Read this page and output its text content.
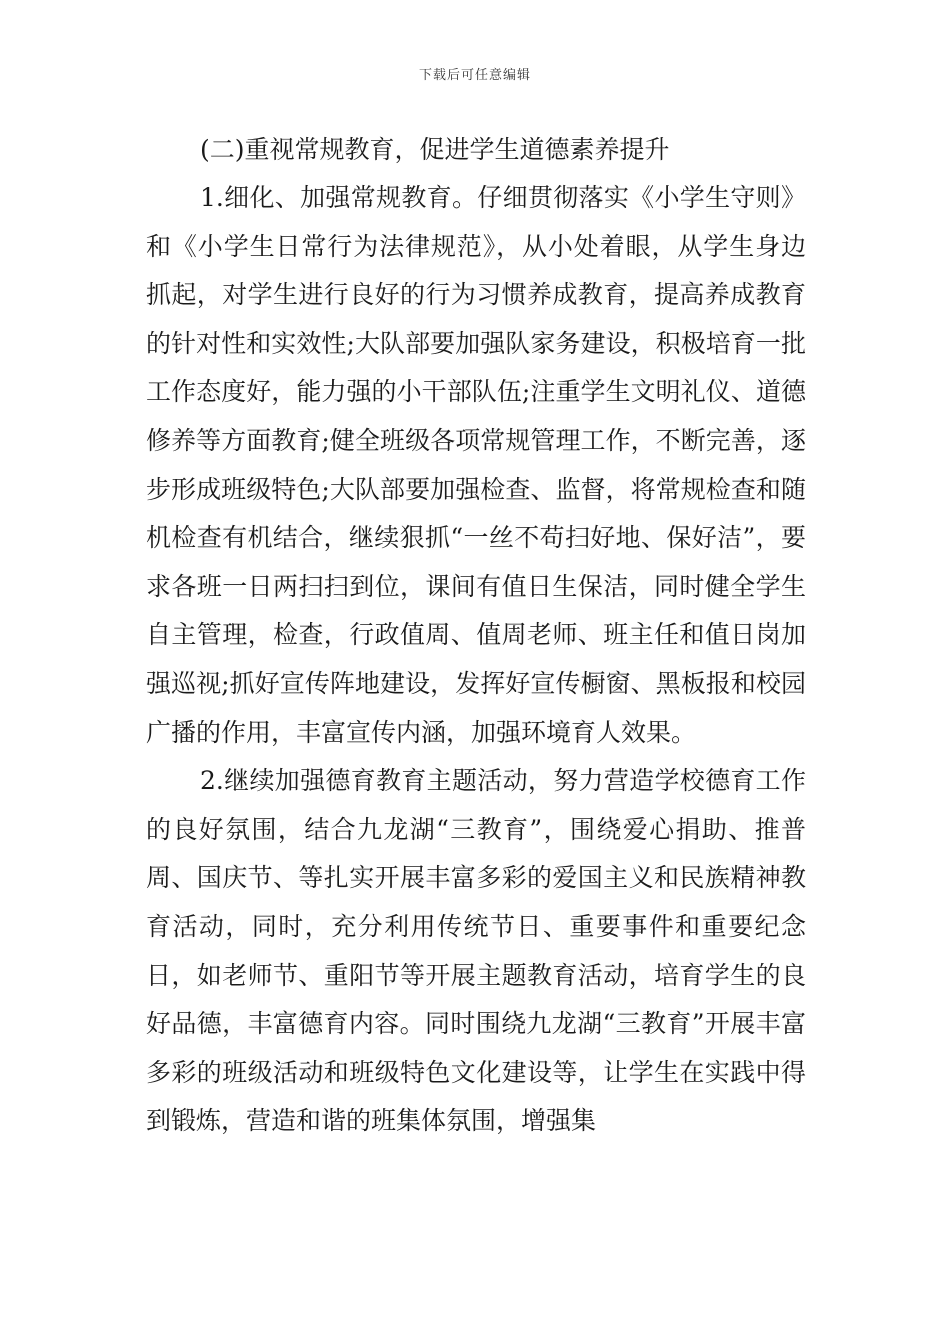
下载后可任意编辑
(二)重视常规教育，促进学生道德素养提升

1.细化、加强常规教育。仔细贯彻落实《小学生守则》和《小学生日常行为法律规范》，从小处着眼，从学生身边抓起，对学生进行良好的行为习惯养成教育，提高养成教育的针对性和实效性;大队部要加强队家务建设，积极培育一批工作态度好，能力强的小干部队伍;注重学生文明礼仪、道德修养等方面教育;健全班级各项常规管理工作，不断完善，逐步形成班级特色;大队部要加强检查、监督，将常规检查和随机检查有机结合，继续狠抓“一丝不苟扫好地、保好洁”，要求各班一日两扫扫到位，课间有值日生保洁，同时健全学生自主管理，检查，行政值周、值周老师、班主任和值日岗加强巡视;抓好宣传阵地建设，发挥好宣传橱窗、黑板报和校园广播的作用，丰富宣传内涵，加强环境育人效果。

2.继续加强德育教育主题活动，努力营造学校德育工作的良好氛围，结合九龙湖“三教育”，围绕爱心捐助、推普周、国庆节、等扎实开展丰富多彩的爱国主义和民族精神教育活动，同时，充分利用传统节日、重要事件和重要纪念日，如老师节、重阳节等开展主题教育活动，培育学生的良好品德，丰富德育内容。同时围绕九龙湖“三教育”开展丰富多彩的班级活动和班级特色文化建设等，让学生在实践中得到锻炼，营造和谐的班集体氛围，增强集
